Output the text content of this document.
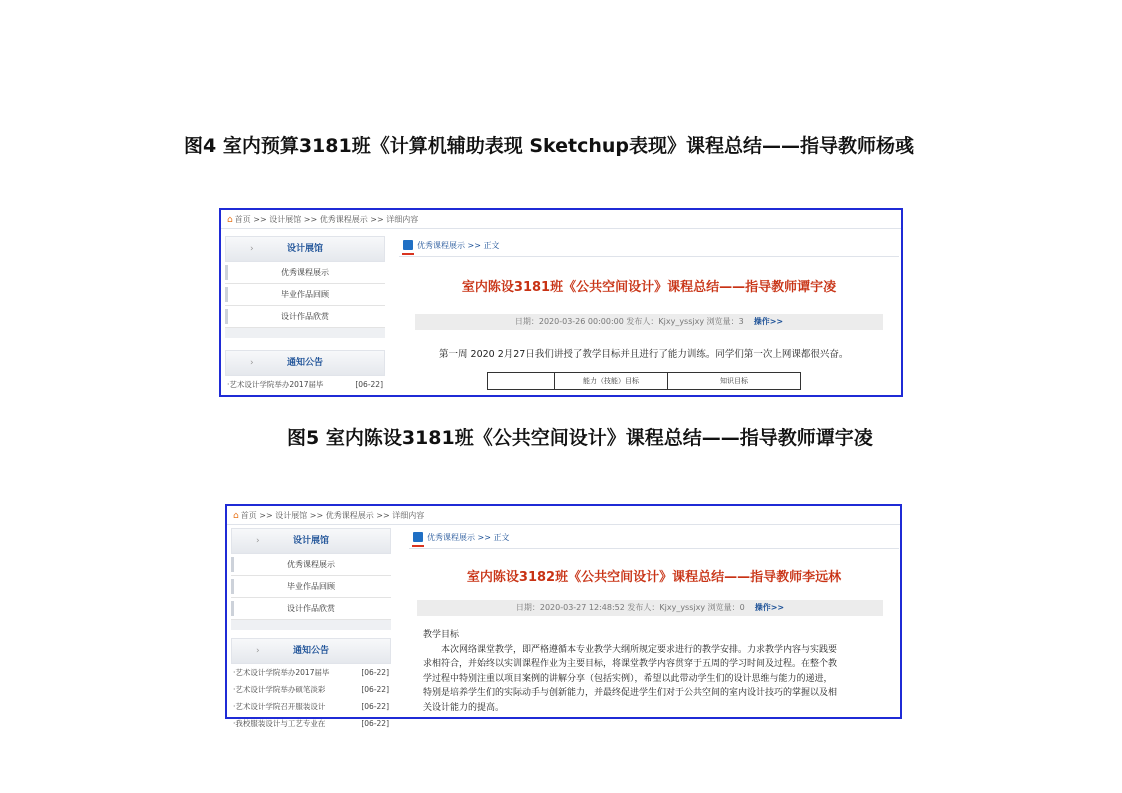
图4 室内预算3181班《计算机辅助表现 Sketchup表现》课程总结——指导教师杨彧
⌂ 首页 >> 设计展馆 >> 优秀课程展示 >> 详细内容
›	设计展馆
优秀课程展示
毕业作品回顾
设计作品欣赏
›	通知公告
·艺术设计学院举办2017届毕	[06-22]
优秀课程展示 >> 正文
室内陈设3181班《公共空间设计》课程总结——指导教师谭宇凌
日期：2020-03-26 00:00:00 发布人：Kjxy_yssjxy 浏览量：3 操作>>
第一周 2020 2月27日我们讲授了教学目标并且进行了能力训练。同学们第一次上网课都很兴奋。
	能力（技能）目标	知识目标
图5 室内陈设3181班《公共空间设计》课程总结——指导教师谭宇凌
⌂ 首页 >> 设计展馆 >> 优秀课程展示 >> 详细内容
›	设计展馆
优秀课程展示
毕业作品回顾
设计作品欣赏
›	通知公告
·艺术设计学院举办2017届毕	[06-22]
·艺术设计学院举办硕笔淡彩	[06-22]
·艺术设计学院召开服装设计	[06-22]
·我校服装设计与工艺专业在	[06-22]
优秀课程展示 >> 正文
室内陈设3182班《公共空间设计》课程总结——指导教师李远林
日期：2020-03-27 12:48:52 发布人：Kjxy_yssjxy 浏览量：0 操作>>
教学目标
本次网络课堂教学，即严格遵循本专业教学大纲所规定要求进行的教学安排。力求教学内容与实践要
求相符合，并始终以实训课程作业为主要目标，将课堂教学内容贯穿于五周的学习时间及过程。在整个教
学过程中特别注重以项目案例的讲解分享（包括实例），希望以此带动学生们的设计思维与能力的递进，
特别是培养学生们的实际动手与创新能力，并最终促进学生们对于公共空间的室内设计技巧的掌握以及相
关设计能力的提高。
